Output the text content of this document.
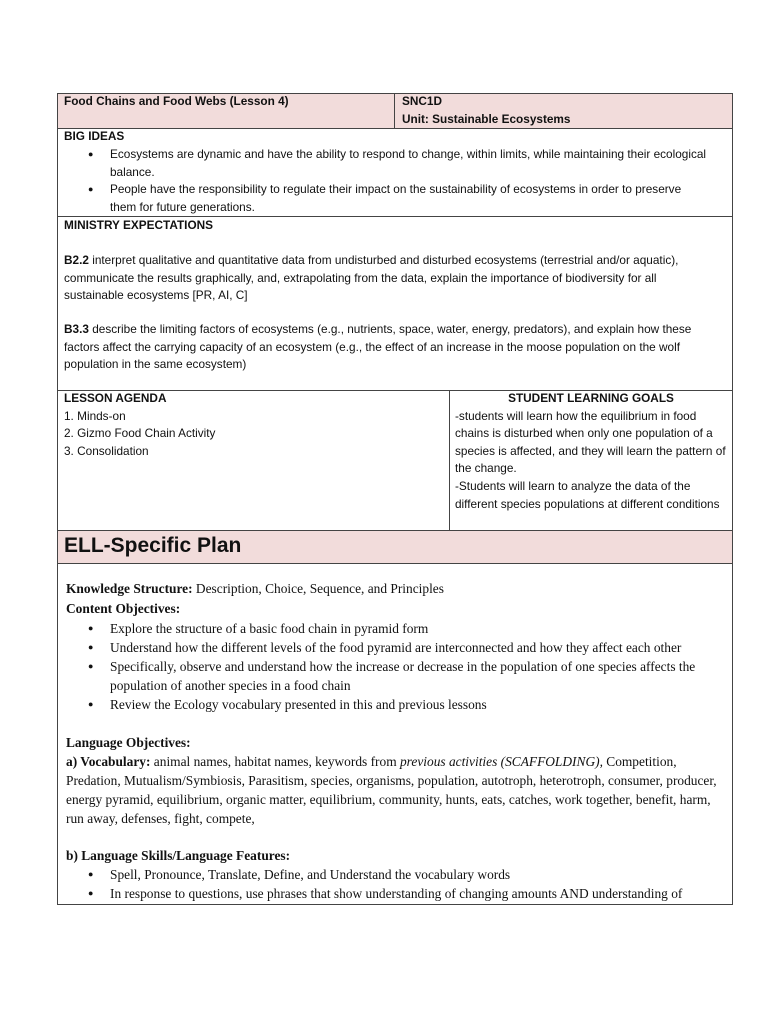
Food Chains and Food Webs (Lesson 4)	SNC1D
Unit: Sustainable Ecosystems
BIG IDEAS
● Ecosystems are dynamic and have the ability to respond to change, within limits, while maintaining their ecological balance.
● People have the responsibility to regulate their impact on the sustainability of ecosystems in order to preserve them for future generations.
MINISTRY EXPECTATIONS
B2.2 interpret qualitative and quantitative data from undisturbed and disturbed ecosystems (terrestrial and/or aquatic), communicate the results graphically, and, extrapolating from the data, explain the importance of biodiversity for all sustainable ecosystems [PR, AI, C]
B3.3 describe the limiting factors of ecosystems (e.g., nutrients, space, water, energy, predators), and explain how these factors affect the carrying capacity of an ecosystem (e.g., the effect of an increase in the moose population on the wolf population in the same ecosystem)
LESSON AGENDA
1. Minds-on
2. Gizmo Food Chain Activity
3. Consolidation
STUDENT LEARNING GOALS
-students will learn how the equilibrium in food chains is disturbed when only one population of a species is affected, and they will learn the pattern of the change.
-Students will learn to analyze the data of the different species populations at different conditions
ELL-Specific Plan
Knowledge Structure: Description, Choice, Sequence, and Principles
Content Objectives:
● Explore the structure of a basic food chain in pyramid form
● Understand how the different levels of the food pyramid are interconnected and how they affect each other
● Specifically, observe and understand how the increase or decrease in the population of one species affects the population of another species in a food chain
● Review the Ecology vocabulary presented in this and previous lessons
Language Objectives:
a) Vocabulary: animal names, habitat names, keywords from previous activities (SCAFFOLDING), Competition, Predation, Mutualism/Symbiosis, Parasitism, species, organisms, population, autotroph, heterotroph, consumer, producer, energy pyramid, equilibrium, organic matter, equilibrium, community, hunts, eats, catches, work together, benefit, harm, run away, defenses, fight, compete,
b) Language Skills/Language Features:
● Spell, Pronounce, Translate, Define, and Understand the vocabulary words
● In response to questions, use phrases that show understanding of changing amounts AND understanding of
